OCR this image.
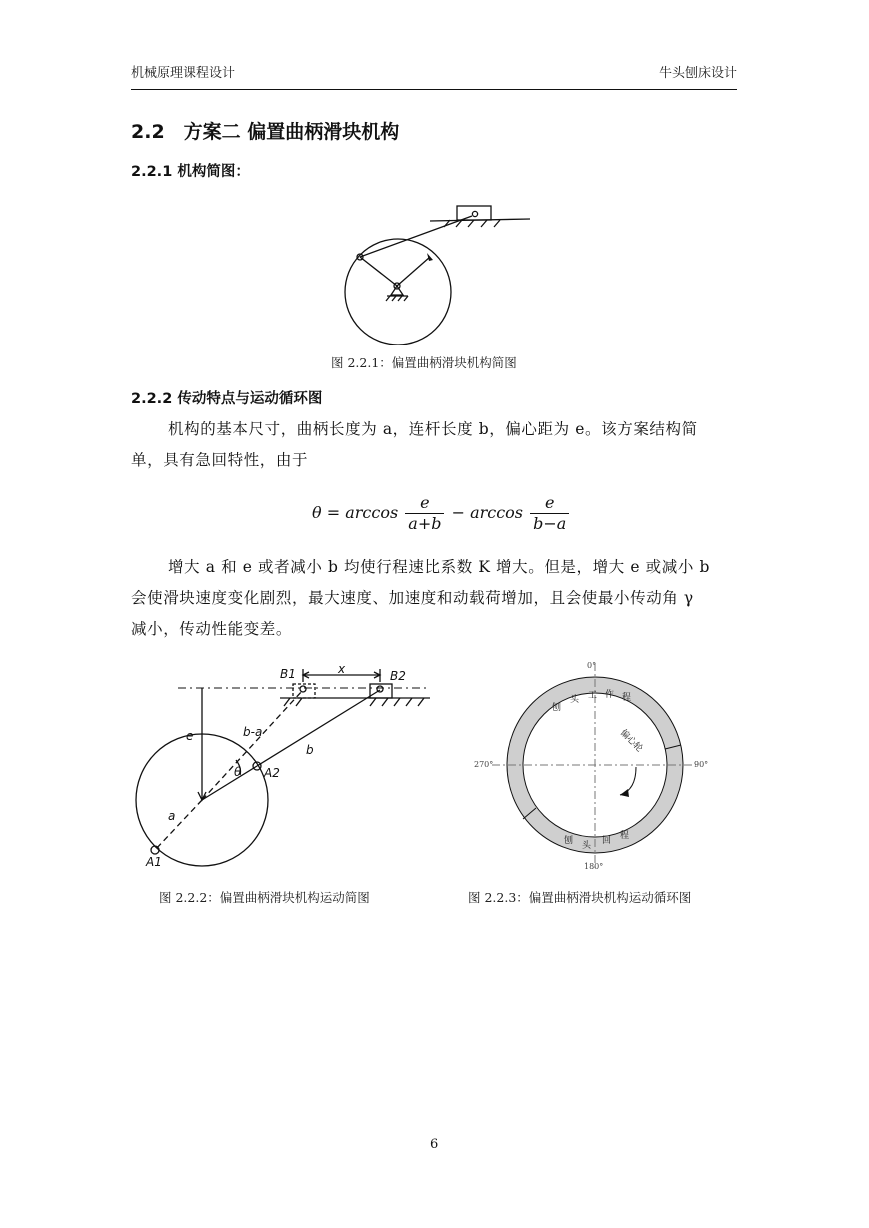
机械原理课程设计	牛头刨床设计
2.2　方案二 偏置曲柄滑块机构
2.2.1 机构简图：
图 2.2.1：偏置曲柄滑块机构简图
2.2.2 传动特点与运动循环图
机构的基本尺寸，曲柄长度为 a，连杆长度 b，偏心距为 e。该方案结构简
单，具有急回特性，由于
$\theta = \arccos \frac{e}{a+b} - \arccos \frac{e}{b-a}$
增大 a 和 e 或者减小 b 均使行程速比系数 K 增大。但是，增大 e 或减小 b
会使滑块速度变化剧烈，最大速度、加速度和动载荷增加，且会使最小传动角 γ
减小，传动性能变差。
B1	B2
x
e	b-a
θ A2
b
a
A1
图 2.2.2：偏置曲柄滑块机构运动简图
0°
90°
180°
270°
刨
头 工 作 程
刨 头 回 程
偏心轮
图 2.2.3：偏置曲柄滑块机构运动循环图
6
